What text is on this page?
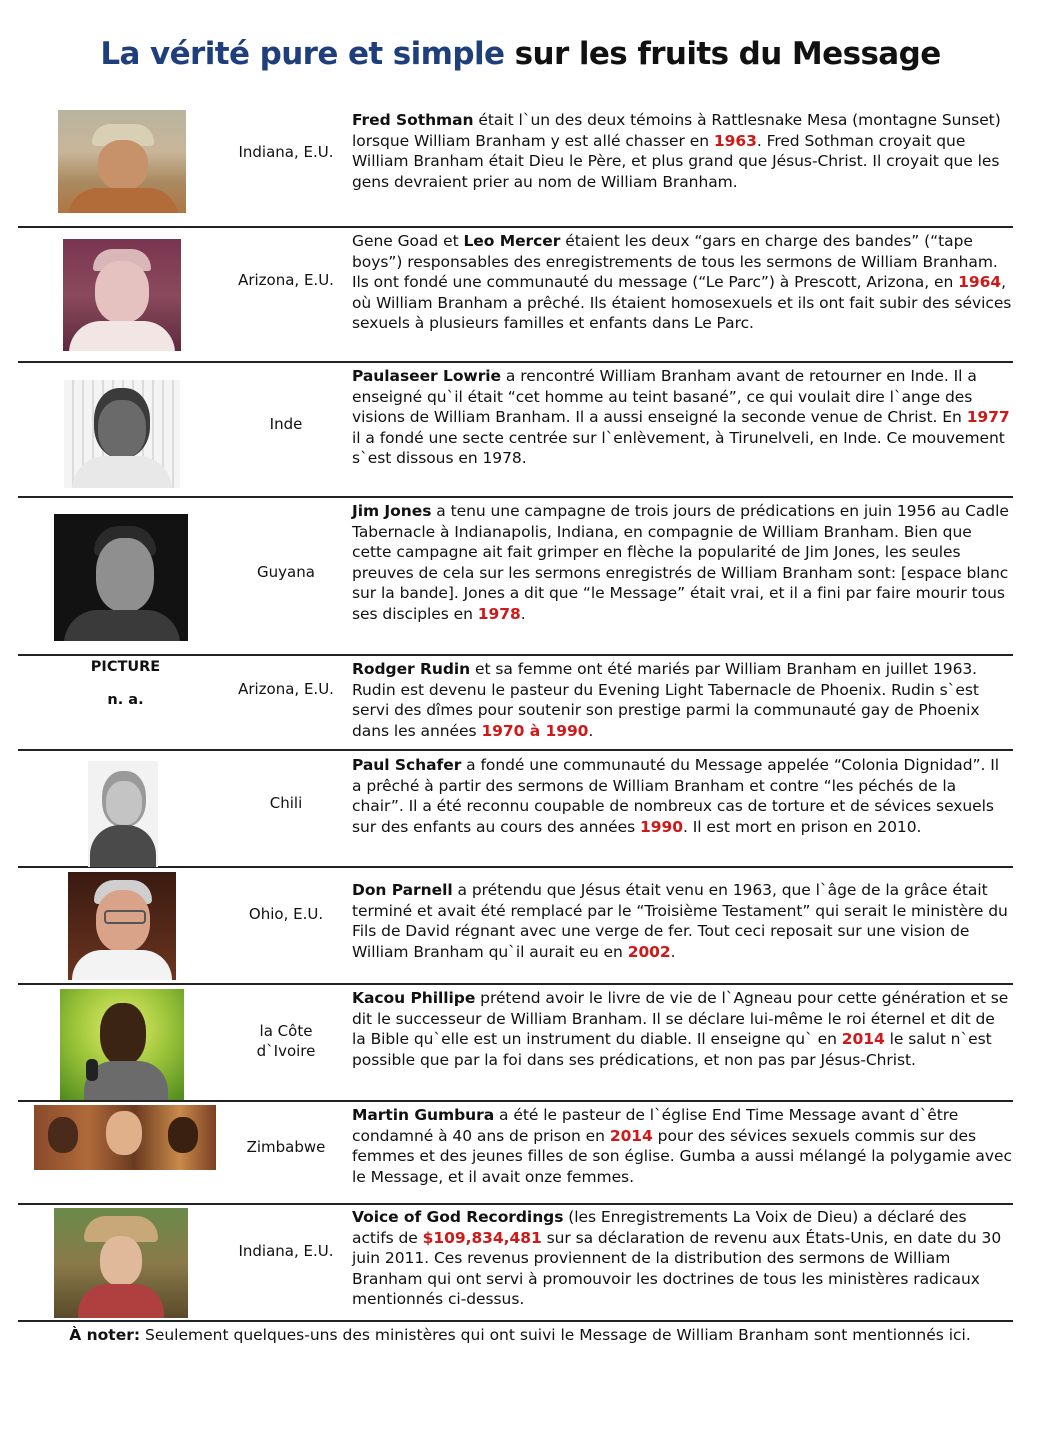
La vérité pure et simple sur les fruits du Message
Indiana, E.U.
Fred Sothman était l`un des deux témoins à Rattlesnake Mesa (montagne Sunset) lorsque William Branham y est allé chasser en 1963. Fred Sothman croyait que William Branham était Dieu le Père, et plus grand que Jésus-Christ. Il croyait que les gens devraient prier au nom de William Branham.
Arizona, E.U.
Gene Goad et Leo Mercer étaient les deux “gars en charge des bandes” (“tape boys”) responsables des enregistrements de tous les sermons de William Branham. Ils ont fondé une communauté du message (“Le Parc”) à Prescott, Arizona, en 1964, où William Branham a prêché. Ils étaient homosexuels et ils ont fait subir des sévices sexuels à plusieurs familles et enfants dans Le Parc.
Inde
Paulaseer Lowrie a rencontré William Branham avant de retourner en Inde. Il a enseigné qu`il était “cet homme au teint basané”, ce qui voulait dire l`ange des visions de William Branham. Il a aussi enseigné la seconde venue de Christ. En 1977 il a fondé une secte centrée sur l`enlèvement, à Tirunelveli, en Inde. Ce mouvement s`est dissous en 1978.
Guyana
Jim Jones a tenu une campagne de trois jours de prédications en juin 1956 au Cadle Tabernacle à Indianapolis, Indiana, en compagnie de William Branham. Bien que cette campagne ait fait grimper en flèche la popularité de Jim Jones, les seules preuves de cela sur les sermons enregistrés de William Branham sont: [espace blanc sur la bande]. Jones a dit que “le Message” était vrai, et il a fini par faire mourir tous ses disciples en 1978.
PICTURE
n. a.
Arizona, E.U.
Rodger Rudin et sa femme ont été mariés par William Branham en juillet 1963. Rudin est devenu le pasteur du Evening Light Tabernacle de Phoenix. Rudin s`est servi des dîmes pour soutenir son prestige parmi la communauté gay de Phoenix dans les années 1970 à 1990.
Chili
Paul Schafer a fondé une communauté du Message appelée “Colonia Dignidad”. Il a prêché à partir des sermons de William Branham et contre “les péchés de la chair”. Il a été reconnu coupable de nombreux cas de torture et de sévices sexuels sur des enfants au cours des années 1990. Il est mort en prison en 2010.
Ohio, E.U.
Don Parnell a prétendu que Jésus était venu en 1963, que l`âge de la grâce était terminé et avait été remplacé par le “Troisième Testament” qui serait le ministère du Fils de David régnant avec une verge de fer. Tout ceci reposait sur une vision de William Branham qu`il aurait eu en 2002.
la Côte d`Ivoire
Kacou Phillipe prétend avoir le livre de vie de l`Agneau pour cette génération et se dit le successeur de William Branham. Il se déclare lui-même le roi éternel et dit de la Bible qu`elle est un instrument du diable. Il enseigne qu` en 2014 le salut n`est possible que par la foi dans ses prédications, et non pas par Jésus-Christ.
Zimbabwe
Martin Gumbura a été le pasteur de l`église End Time Message avant d`être condamné à 40 ans de prison en 2014 pour des sévices sexuels commis sur des femmes et des jeunes filles de son église. Gumba a aussi mélangé la polygamie avec le Message, et il avait onze femmes.
Indiana, E.U.
Voice of God Recordings (les Enregistrements La Voix de Dieu) a déclaré des actifs de $109,834,481 sur sa déclaration de revenu aux États-Unis, en date du 30 juin 2011. Ces revenus proviennent de la distribution des sermons de William Branham qui ont servi à promouvoir les doctrines de tous les ministères radicaux mentionnés ci-dessus.
À noter: Seulement quelques-uns des ministères qui ont suivi le Message de William Branham sont mentionnés ici.
